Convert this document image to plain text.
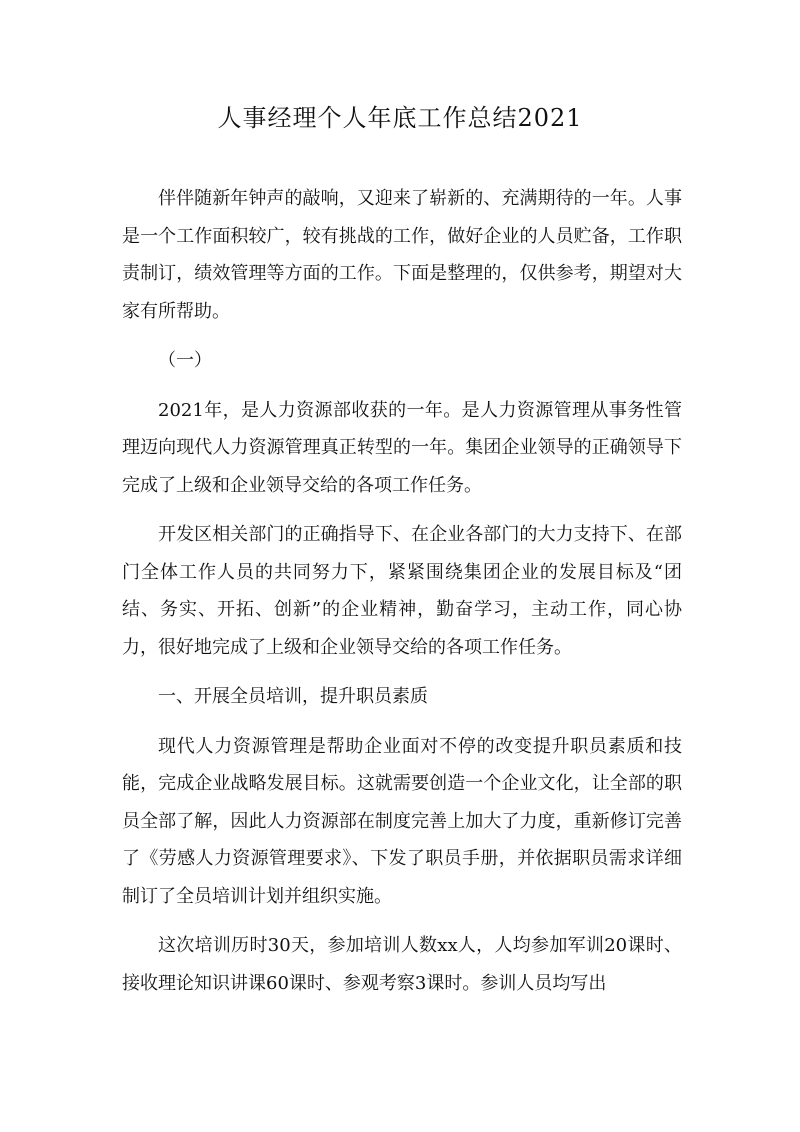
人事经理个人年底工作总结2021

伴伴随新年钟声的敲响，又迎来了崭新的、充满期待的一年。人事是一个工作面积较广，较有挑战的工作，做好企业的人员贮备，工作职责制订，绩效管理等方面的工作。下面是整理的，仅供参考，期望对大家有所帮助。

（一）

2021年，是人力资源部收获的一年。是人力资源管理从事务性管理迈向现代人力资源管理真正转型的一年。集团企业领导的正确领导下完成了上级和企业领导交给的各项工作任务。

开发区相关部门的正确指导下、在企业各部门的大力支持下、在部门全体工作人员的共同努力下，紧紧围绕集团企业的发展目标及“团结、务实、开拓、创新”的企业精神，勤奋学习，主动工作，同心协力，很好地完成了上级和企业领导交给的各项工作任务。

一、开展全员培训，提升职员素质

现代人力资源管理是帮助企业面对不停的改变提升职员素质和技能，完成企业战略发展目标。这就需要创造一个企业文化，让全部的职员全部了解，因此人力资源部在制度完善上加大了力度，重新修订完善了《劳感人力资源管理要求》、下发了职员手册，并依据职员需求详细制订了全员培训计划并组织实施。

这次培训历时30天，参加培训人数xx人，人均参加军训20课时、接收理论知识讲课60课时、参观考察3课时。参训人员均写出
